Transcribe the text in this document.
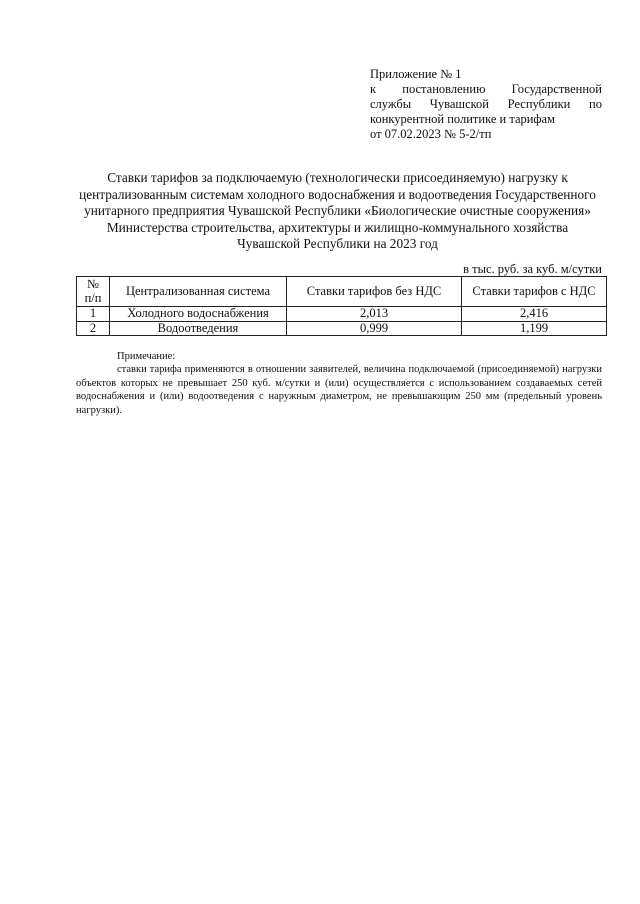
Приложение № 1
к постановлению Государственной
службы Чувашской Республики по
конкурентной политике и тарифам
от 07.02.2023 № 5-2/тп
Ставки тарифов за подключаемую (технологически присоединяемую) нагрузку к
централизованным системам холодного водоснабжения и водоотведения Государственного
унитарного предприятия Чувашской Республики «Биологические очистные сооружения»
Министерства строительства, архитектуры и жилищно-коммунального хозяйства
Чувашской Республики на 2023 год
в тыс. руб. за куб. м/сутки
№
п/п	Централизованная система	Ставки тарифов без НДС	Ставки тарифов с НДС
1	Холодного водоснабжения	2,013	2,416
2	Водоотведения	0,999	1,199
Примечание:
ставки тарифа применяются в отношении заявителей, величина подключаемой (присоединяемой) нагрузки объектов которых не превышает 250 куб. м/сутки и (или) осуществляется с использованием создаваемых сетей водоснабжения и (или) водоотведения с наружным диаметром, не превышающим 250 мм (предельный уровень нагрузки).
